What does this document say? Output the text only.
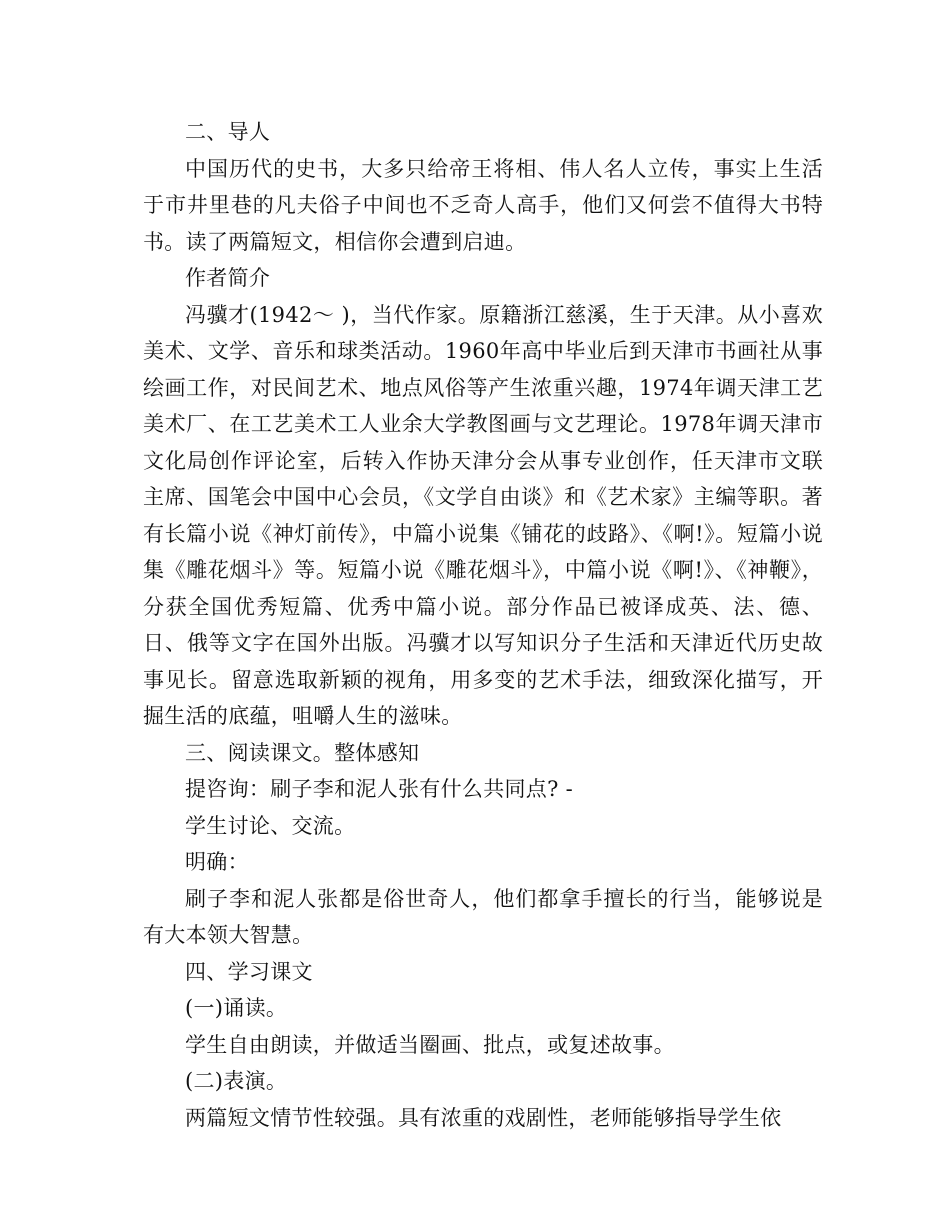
二、导人

中国历代的史书，大多只给帝王将相、伟人名人立传，事实上生活于市井里巷的凡夫俗子中间也不乏奇人高手，他们又何尝不值得大书特书。读了两篇短文，相信你会遭到启迪。

作者简介

冯骥才(1942～ )，当代作家。原籍浙江慈溪，生于天津。从小喜欢美术、文学、音乐和球类活动。1960年高中毕业后到天津市书画社从事绘画工作，对民间艺术、地点风俗等产生浓重兴趣，1974年调天津工艺美术厂、在工艺美术工人业余大学教图画与文艺理论。1978年调天津市文化局创作评论室，后转入作协天津分会从事专业创作，任天津市文联主席、国笔会中国中心会员，《文学自由谈》和《艺术家》主编等职。著有长篇小说《神灯前传》，中篇小说集《铺花的歧路》、《啊!》。短篇小说集《雕花烟斗》等。短篇小说《雕花烟斗》，中篇小说《啊!》、《神鞭》，分获全国优秀短篇、优秀中篇小说。部分作品已被译成英、法、德、日、俄等文字在国外出版。冯骥才以写知识分子生活和天津近代历史故事见长。留意选取新颖的视角，用多变的艺术手法，细致深化描写，开掘生活的底蕴，咀嚼人生的滋味。

三、阅读课文。整体感知

提咨询：刷子李和泥人张有什么共同点? -

学生讨论、交流。

明确：

刷子李和泥人张都是俗世奇人，他们都拿手擅长的行当，能够说是有大本领大智慧。

四、学习课文

(一)诵读。

学生自由朗读，并做适当圈画、批点，或复述故事。

(二)表演。

两篇短文情节性较强。具有浓重的戏剧性，老师能够指导学生依
